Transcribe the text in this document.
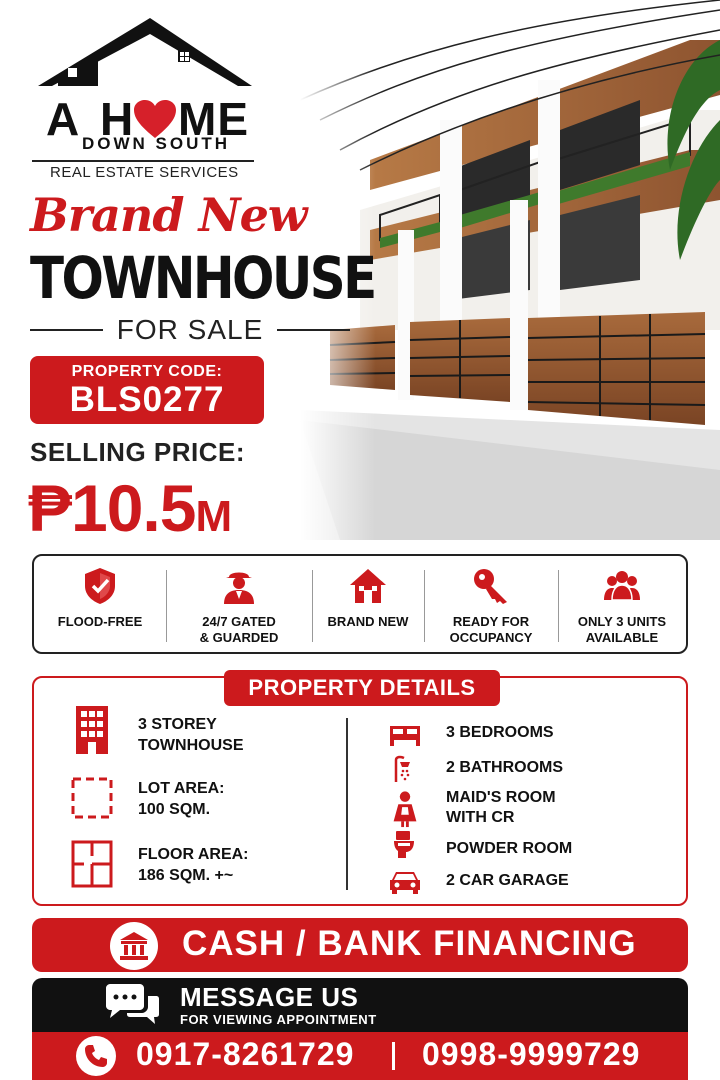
A H ME
DOWN SOUTH
REAL ESTATE SERVICES
Brand New
TOWNHOUSE
FOR SALE
PROPERTY CODE:
BLS0277
SELLING PRICE:
₱10.5M
FLOOD-FREE	24/7 GATED
& GUARDED
BRAND NEW	READY FOR
OCCUPANCY
ONLY 3 UNITS
AVAILABLE
PROPERTY DETAILS
3 STOREY
TOWNHOUSE
LOT AREA:
100 SQM.
FLOOR AREA:
186 SQM. +~
3 BEDROOMS
2 BATHROOMS
MAID'S ROOM
WITH CR
POWDER ROOM
2 CAR GARAGE
CASH / BANK FINANCING
MESSAGE US
FOR VIEWING APPOINTMENT
0917-8261729 0998-9999729
